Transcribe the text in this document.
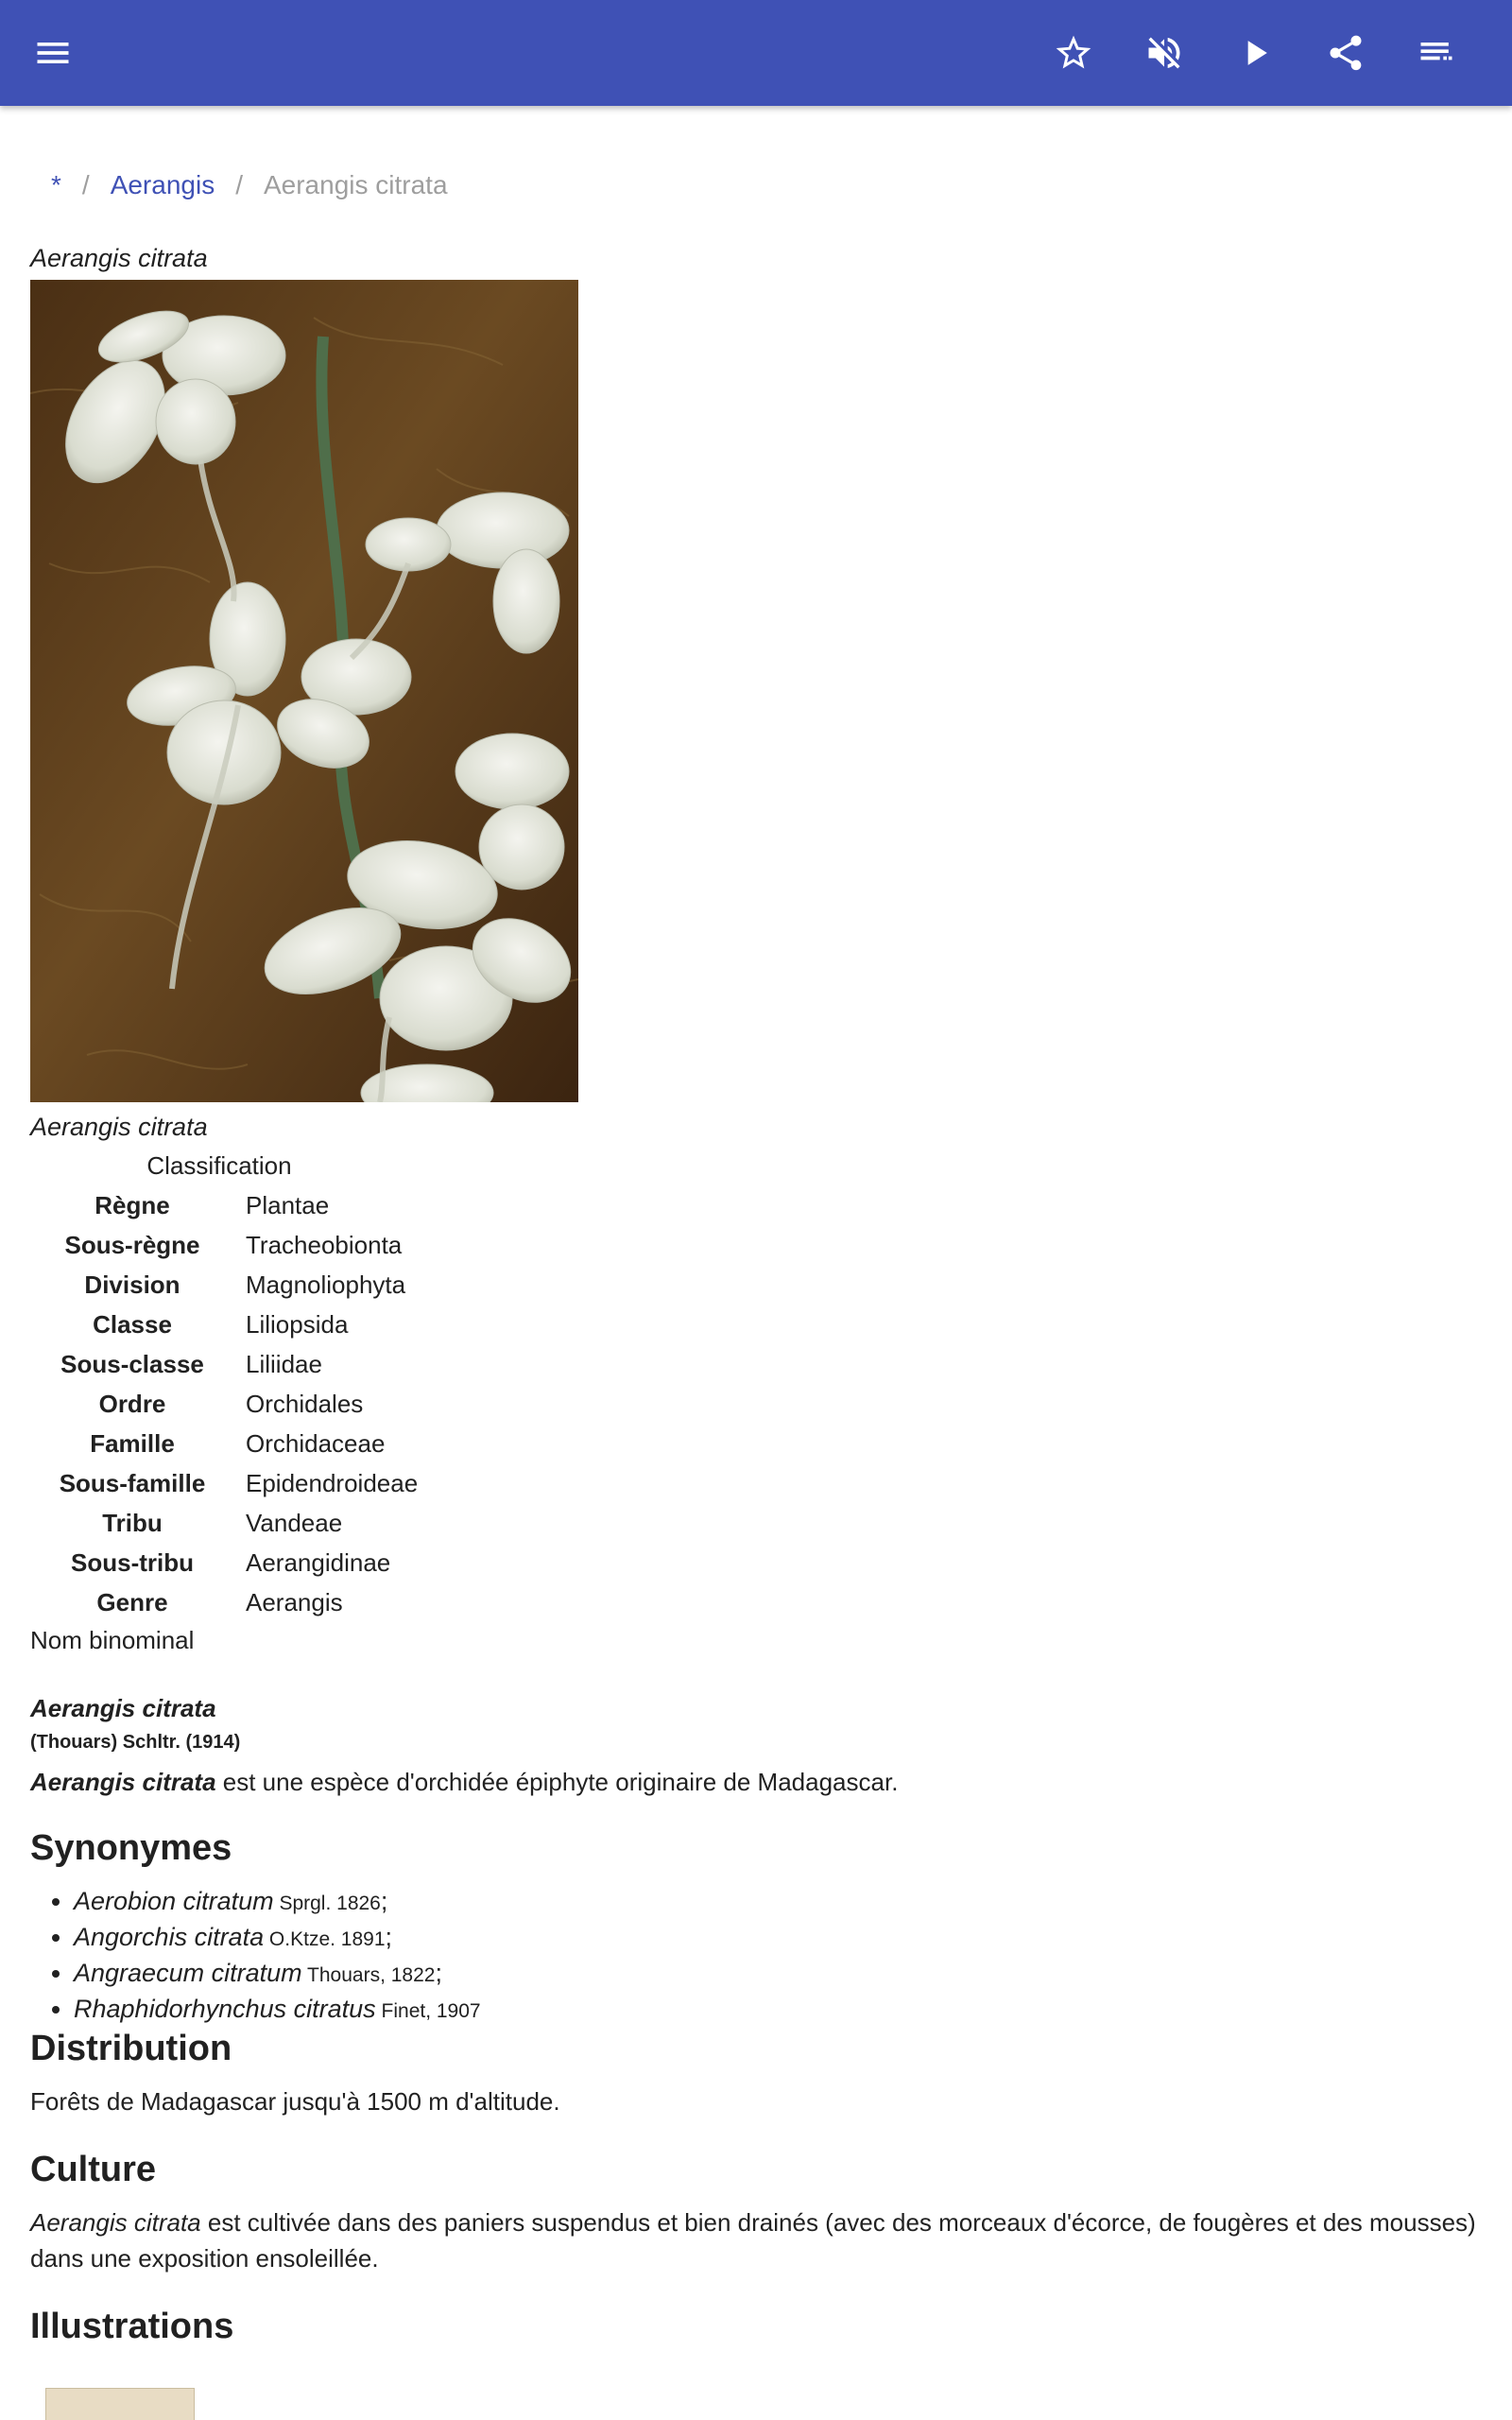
* / Aerangis / Aerangis citrata
Aerangis citrata
Aerangis citrata
Classification
Règne	Plantae
Sous-règne	Tracheobionta
Division	Magnoliophyta
Classe	Liliopsida
Sous-classe	Liliidae
Ordre	Orchidales
Famille	Orchidaceae
Sous-famille	Epidendroideae
Tribu	Vandeae
Sous-tribu	Aerangidinae
Genre	Aerangis
Nom binominal
Aerangis citrata
(Thouars) Schltr. (1914)

Aerangis citrata est une espèce d'orchidée épiphyte originaire de Madagascar.

Synonymes
• Aerobion citratum Sprgl. 1826;
• Angorchis citrata O.Ktze. 1891;
• Angraecum citratum Thouars, 1822;
• Rhaphidorhynchus citratus Finet, 1907
Distribution

Forêts de Madagascar jusqu'à 1500 m d'altitude.

Culture

Aerangis citrata est cultivée dans des paniers suspendus et bien drainés (avec des morceaux d'écorce, de fougères et des mousses) dans une exposition ensoleillée.

Illustrations
